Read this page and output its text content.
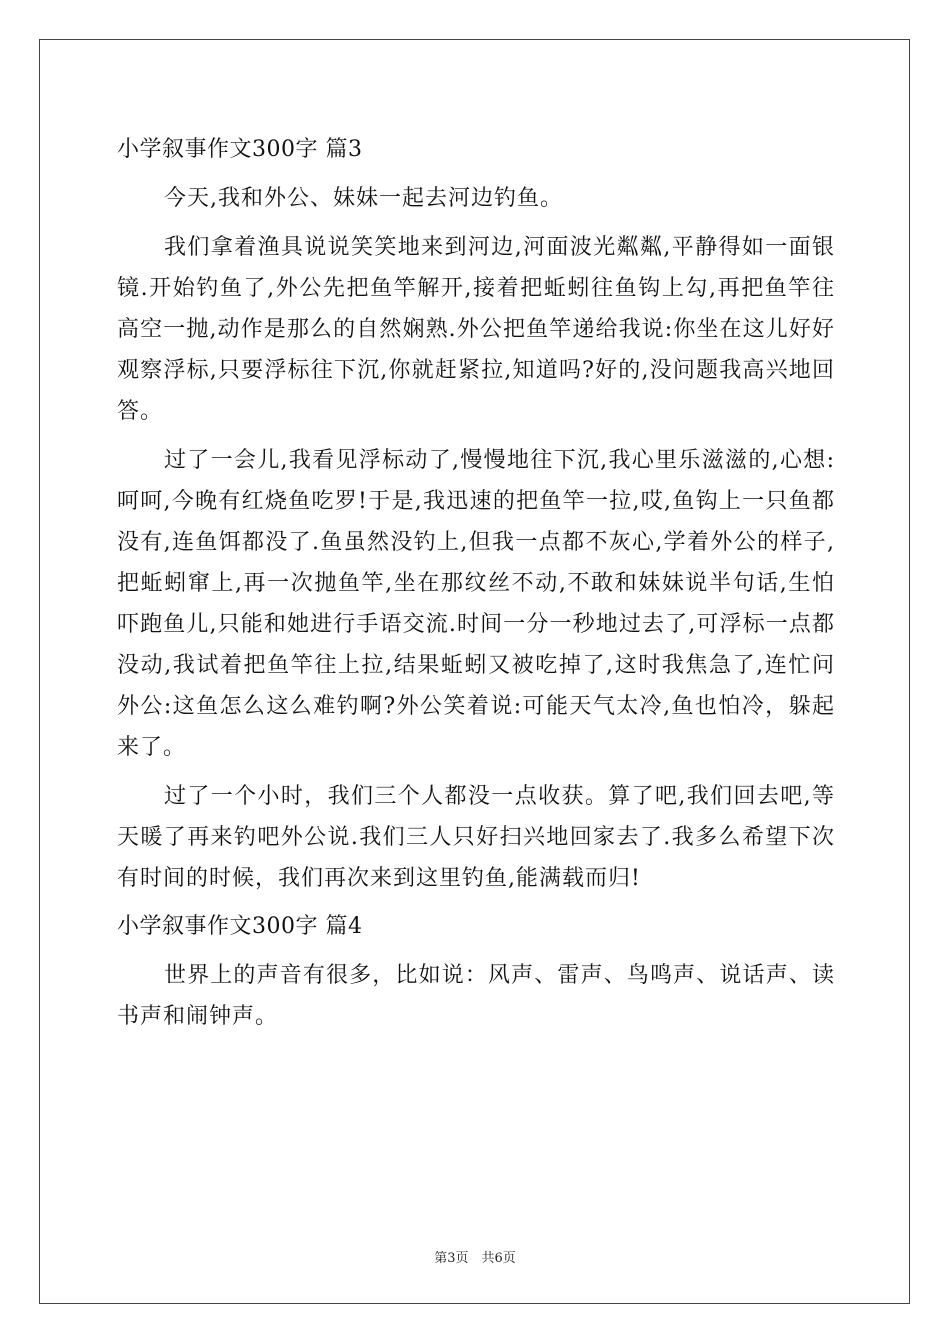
小学叙事作文300字 篇3

今天,我和外公、妹妹一起去河边钓鱼。

我们拿着渔具说说笑笑地来到河边,河面波光粼粼,平静得如一面银镜.开始钓鱼了,外公先把鱼竿解开,接着把蚯蚓往鱼钩上勾,再把鱼竿往高空一抛,动作是那么的自然娴熟.外公把鱼竿递给我说:你坐在这儿好好观察浮标,只要浮标往下沉,你就赶紧拉,知道吗?好的,没问题我高兴地回答。

过了一会儿,我看见浮标动了,慢慢地往下沉,我心里乐滋滋的,心想:呵呵,今晚有红烧鱼吃罗!于是,我迅速的把鱼竿一拉,哎,鱼钩上一只鱼都没有,连鱼饵都没了.鱼虽然没钓上,但我一点都不灰心,学着外公的样子,把蚯蚓窜上,再一次抛鱼竿,坐在那纹丝不动,不敢和妹妹说半句话,生怕吓跑鱼儿,只能和她进行手语交流.时间一分一秒地过去了,可浮标一点都没动,我试着把鱼竿往上拉,结果蚯蚓又被吃掉了,这时我焦急了,连忙问外公:这鱼怎么这么难钓啊?外公笑着说:可能天气太冷,鱼也怕冷，躲起来了。

过了一个小时，我们三个人都没一点收获。算了吧,我们回去吧,等天暖了再来钓吧外公说.我们三人只好扫兴地回家去了.我多么希望下次有时间的时候，我们再次来到这里钓鱼,能满载而归!

小学叙事作文300字 篇4

世界上的声音有很多，比如说：风声、雷声、鸟鸣声、说话声、读书声和闹钟声。

第3页　共6页
